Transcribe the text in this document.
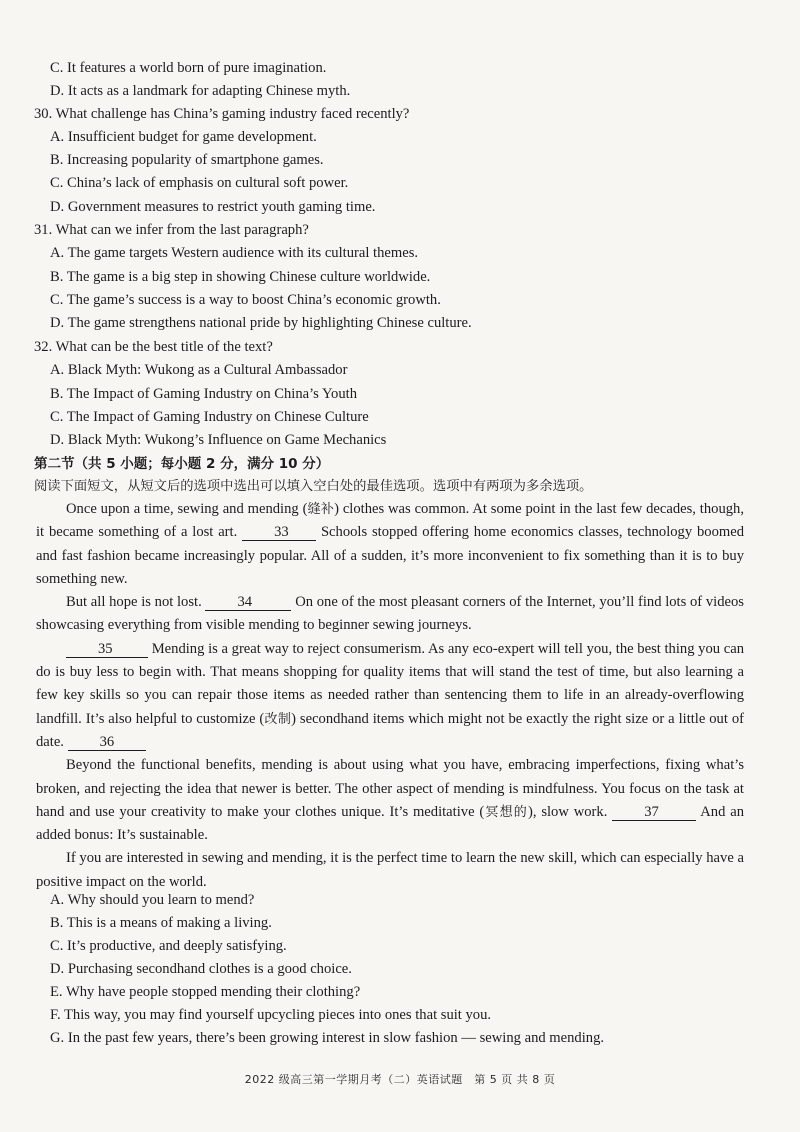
C. It features a world born of pure imagination.
D. It acts as a landmark for adapting Chinese myth.
30. What challenge has China’s gaming industry faced recently?
A. Insufficient budget for game development.
B. Increasing popularity of smartphone games.
C. China’s lack of emphasis on cultural soft power.
D. Government measures to restrict youth gaming time.
31. What can we infer from the last paragraph?
A. The game targets Western audience with its cultural themes.
B. The game is a big step in showing Chinese culture worldwide.
C. The game’s success is a way to boost China’s economic growth.
D. The game strengthens national pride by highlighting Chinese culture.
32. What can be the best title of the text?
A. Black Myth: Wukong as a Cultural Ambassador
B. The Impact of Gaming Industry on China’s Youth
C. The Impact of Gaming Industry on Chinese Culture
D. Black Myth: Wukong’s Influence on Game Mechanics
第二节（共 5 小题；每小题 2 分，满分 10 分）
阅读下面短文，从短文后的选项中选出可以填入空白处的最佳选项。选项中有两项为多余选项。

Once upon a time, sewing and mending (缝补) clothes was common. At some point in the last few decades, though, it became something of a lost art.	33 Schools stopped offering home economics classes, technology boomed and fast fashion became increasingly popular. All of a sudden, it’s more inconvenient to fix something than it is to buy something new.

But all hope is not lost. 34	On one of the most pleasant corners of the Internet, you’ll find lots of videos showcasing everything from visible mending to beginner sewing journeys.

35	Mending is a great way to reject consumerism. As any eco-expert will tell you, the best thing you can do is buy less to begin with. That means shopping for quality items that will stand the test of time, but also learning a few key skills so you can repair those items as needed rather than sentencing them to life in an already-overflowing landfill. It’s also helpful to customize (改制) secondhand items which might not be exactly the right size or a little out of date. 36

Beyond the functional benefits, mending is about using what you have, embracing imperfections, fixing what’s broken, and rejecting the idea that newer is better. The other aspect of mending is mindfulness. You focus on the task at hand and use your creativity to make your clothes unique. It’s meditative (冥想的), slow work.	37	And an added bonus: It’s sustainable.

If you are interested in sewing and mending, it is the perfect time to learn the new skill, which can especially have a positive impact on the world.

A. Why should you learn to mend?
B. This is a means of making a living.
C. It’s productive, and deeply satisfying.
D. Purchasing secondhand clothes is a good choice.
E. Why have people stopped mending their clothing?
F. This way, you may find yourself upcycling pieces into ones that suit you.
G. In the past few years, there’s been growing interest in slow fashion — sewing and mending.
2022 级高三第一学期月考（二）英语试题　第 5 页 共 8 页
